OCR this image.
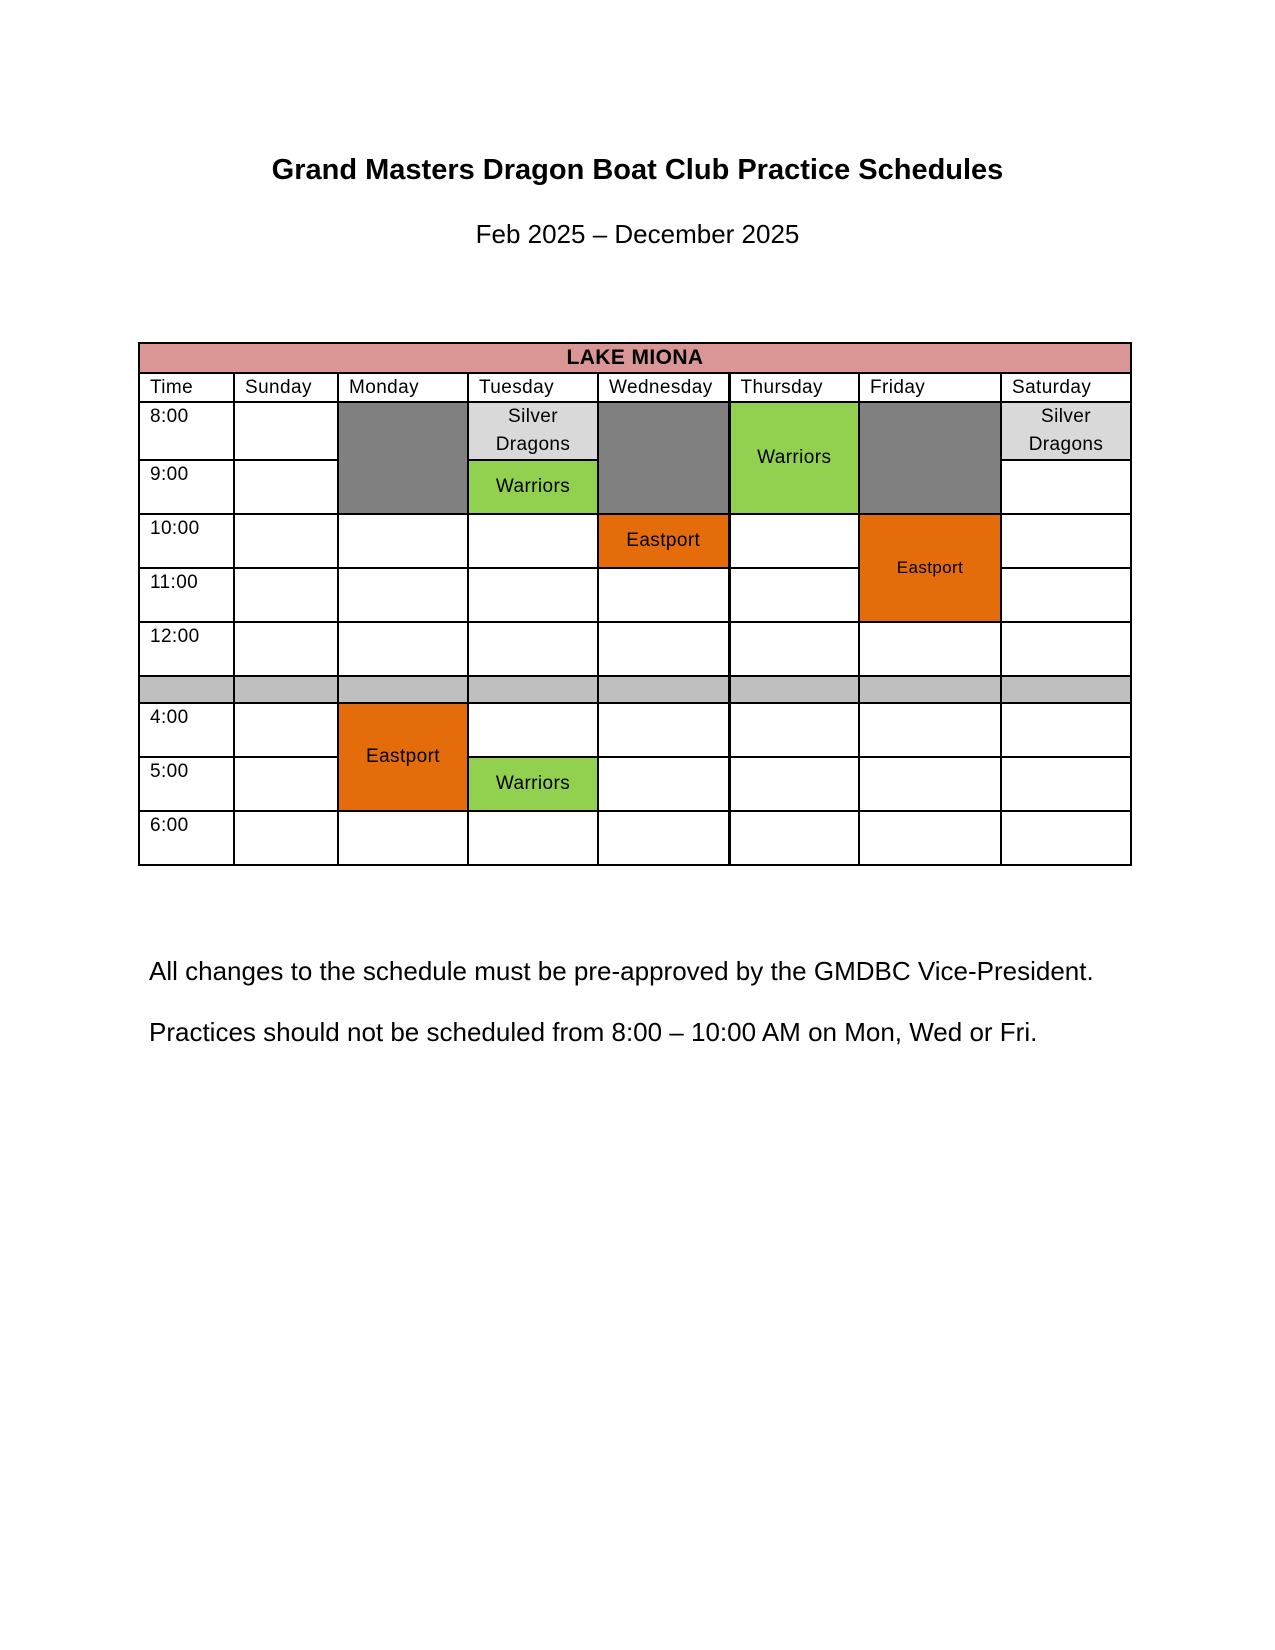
Grand Masters Dragon Boat Club Practice Schedules
Feb 2025 – December 2025
LAKE MIONA							
Time	Sunday	Monday	Tuesday	Wednesday	Thursday	Friday	Saturday
8:00			Silver Dragons		Warriors		Silver Dragons
9:00			Warriors				
10:00				Eastport		Eastport	
11:00							
12:00							

4:00		Eastport					
5:00			Warriors				
6:00							
All changes to the schedule must be pre-approved by the GMDBC Vice-President.
Practices should not be scheduled from 8:00 – 10:00 AM on Mon, Wed or Fri.
